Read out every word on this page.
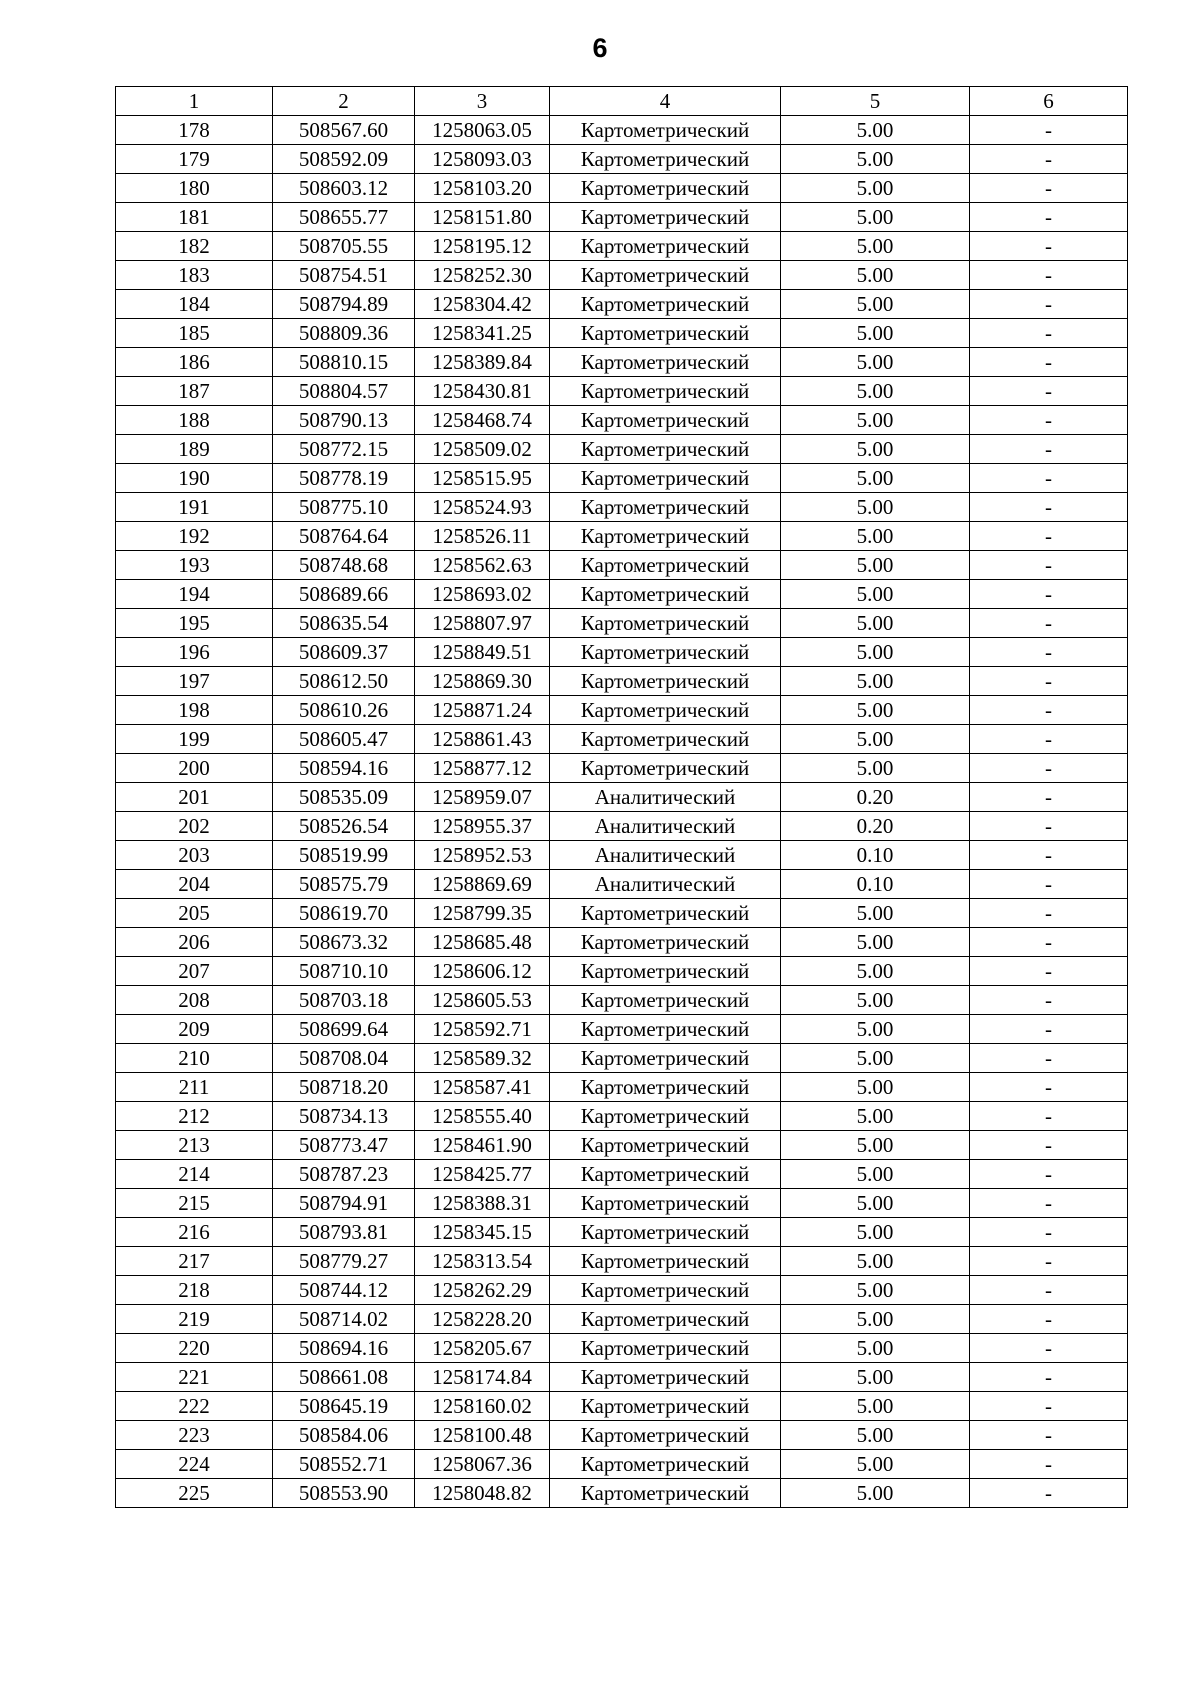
6
1	2	3	4	5	6
178	508567.60	1258063.05	Картометрический	5.00	-
179	508592.09	1258093.03	Картометрический	5.00	-
180	508603.12	1258103.20	Картометрический	5.00	-
181	508655.77	1258151.80	Картометрический	5.00	-
182	508705.55	1258195.12	Картометрический	5.00	-
183	508754.51	1258252.30	Картометрический	5.00	-
184	508794.89	1258304.42	Картометрический	5.00	-
185	508809.36	1258341.25	Картометрический	5.00	-
186	508810.15	1258389.84	Картометрический	5.00	-
187	508804.57	1258430.81	Картометрический	5.00	-
188	508790.13	1258468.74	Картометрический	5.00	-
189	508772.15	1258509.02	Картометрический	5.00	-
190	508778.19	1258515.95	Картометрический	5.00	-
191	508775.10	1258524.93	Картометрический	5.00	-
192	508764.64	1258526.11	Картометрический	5.00	-
193	508748.68	1258562.63	Картометрический	5.00	-
194	508689.66	1258693.02	Картометрический	5.00	-
195	508635.54	1258807.97	Картометрический	5.00	-
196	508609.37	1258849.51	Картометрический	5.00	-
197	508612.50	1258869.30	Картометрический	5.00	-
198	508610.26	1258871.24	Картометрический	5.00	-
199	508605.47	1258861.43	Картометрический	5.00	-
200	508594.16	1258877.12	Картометрический	5.00	-
201	508535.09	1258959.07	Аналитический	0.20	-
202	508526.54	1258955.37	Аналитический	0.20	-
203	508519.99	1258952.53	Аналитический	0.10	-
204	508575.79	1258869.69	Аналитический	0.10	-
205	508619.70	1258799.35	Картометрический	5.00	-
206	508673.32	1258685.48	Картометрический	5.00	-
207	508710.10	1258606.12	Картометрический	5.00	-
208	508703.18	1258605.53	Картометрический	5.00	-
209	508699.64	1258592.71	Картометрический	5.00	-
210	508708.04	1258589.32	Картометрический	5.00	-
211	508718.20	1258587.41	Картометрический	5.00	-
212	508734.13	1258555.40	Картометрический	5.00	-
213	508773.47	1258461.90	Картометрический	5.00	-
214	508787.23	1258425.77	Картометрический	5.00	-
215	508794.91	1258388.31	Картометрический	5.00	-
216	508793.81	1258345.15	Картометрический	5.00	-
217	508779.27	1258313.54	Картометрический	5.00	-
218	508744.12	1258262.29	Картометрический	5.00	-
219	508714.02	1258228.20	Картометрический	5.00	-
220	508694.16	1258205.67	Картометрический	5.00	-
221	508661.08	1258174.84	Картометрический	5.00	-
222	508645.19	1258160.02	Картометрический	5.00	-
223	508584.06	1258100.48	Картометрический	5.00	-
224	508552.71	1258067.36	Картометрический	5.00	-
225	508553.90	1258048.82	Картометрический	5.00	-
